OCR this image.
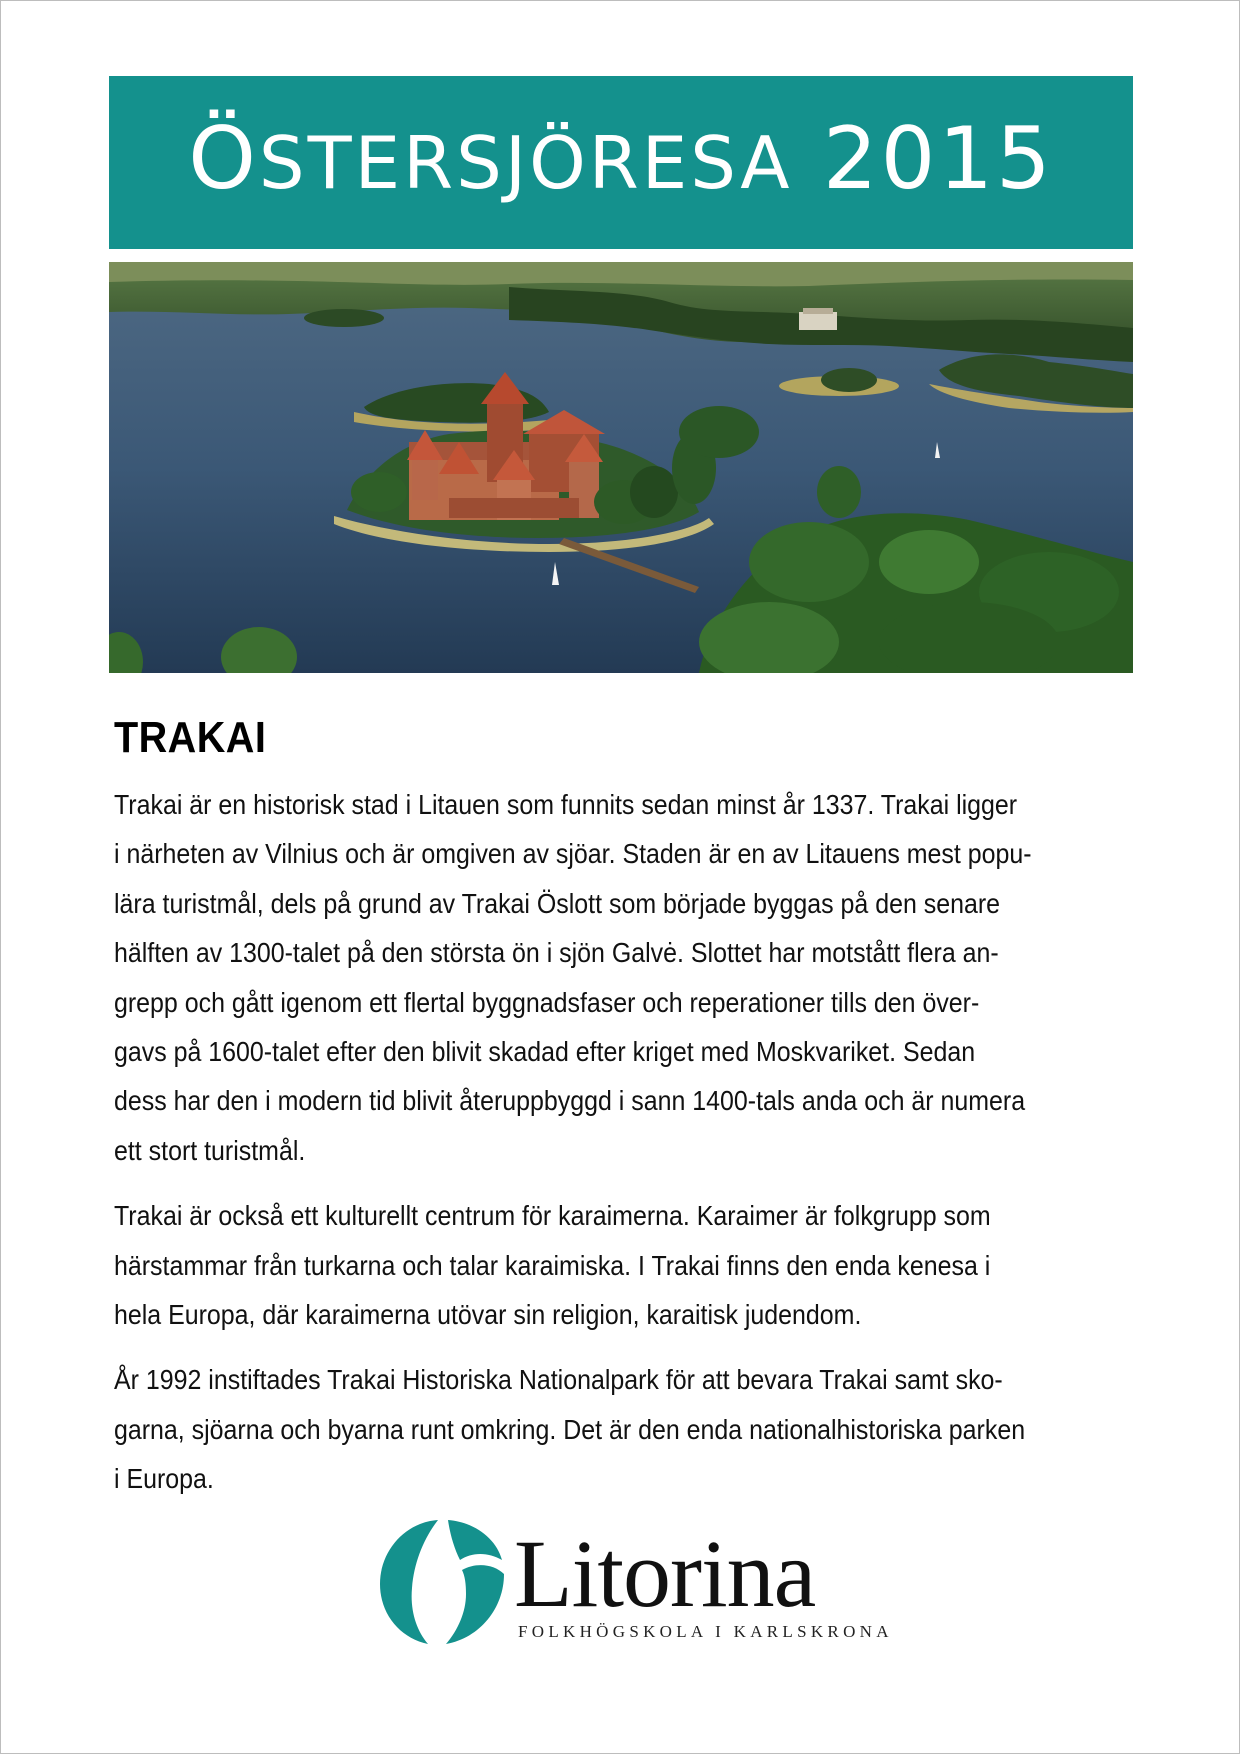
ÖSTERSJÖRESA 2015
TRAKAI

Trakai är en historisk stad i Litauen som funnits sedan minst år 1337. Trakai ligger
i närheten av Vilnius och är omgiven av sjöar. Staden är en av Litauens mest popu-
lära turistmål, dels på grund av Trakai Öslott som började byggas på den senare
hälften av 1300-talet på den största ön i sjön Galvė. Slottet har motstått flera an-
grepp och gått igenom ett flertal byggnadsfaser och reperationer tills den över-
gavs på 1600-talet efter den blivit skadad efter kriget med Moskvariket. Sedan
dess har den i modern tid blivit återuppbyggd i sann 1400-tals anda och är numera
ett stort turistmål.

Trakai är också ett kulturellt centrum för karaimerna. Karaimer är folkgrupp som
härstammar från turkarna och talar karaimiska. I Trakai finns den enda kenesa i
hela Europa, där karaimerna utövar sin religion, karaitisk judendom.

År 1992 instiftades Trakai Historiska Nationalpark för att bevara Trakai samt sko-
garna, sjöarna och byarna runt omkring. Det är den enda nationalhistoriska parken
i Europa.

Litorina
FOLKHÖGSKOLA I KARLSKRONA
